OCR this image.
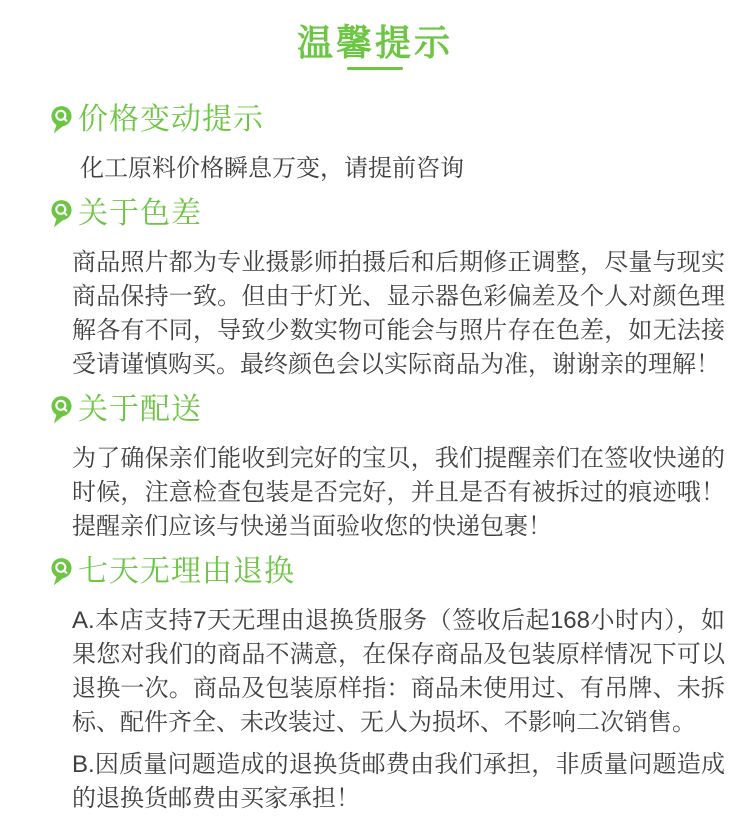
温馨提示
价格变动提示

化工原料价格瞬息万变，请提前咨询

关于色差

商品照片都为专业摄影师拍摄后和后期修正调整，尽量与现实商品保持一致。但由于灯光、显示器色彩偏差及个人对颜色理解各有不同，导致少数实物可能会与照片存在色差，如无法接受请谨慎购买。最终颜色会以实际商品为准，谢谢亲的理解！

关于配送

为了确保亲们能收到完好的宝贝，我们提醒亲们在签收快递的时候，注意检查包装是否完好，并且是否有被拆过的痕迹哦！提醒亲们应该与快递当面验收您的快递包裹！

七天无理由退换

A.本店支持7天无理由退换货服务（签收后起168小时内），如果您对我们的商品不满意，在保存商品及包装原样情况下可以退换一次。商品及包装原样指：商品未使用过、有吊牌、未拆标、配件齐全、未改装过、无人为损坏、不影响二次销售。

B.因质量问题造成的退换货邮费由我们承担，非质量问题造成的退换货邮费由买家承担！
